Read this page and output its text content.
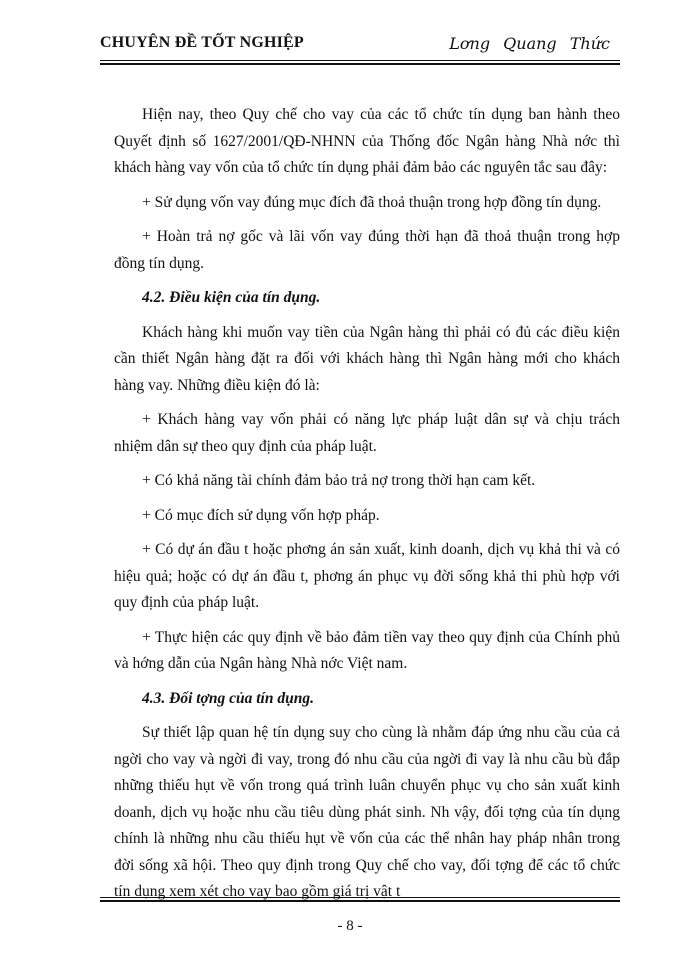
CHUYÊN ĐỀ TỐT NGHIỆP	Lơng Quang Thức

Hiện nay, theo Quy chế cho vay của các tổ chức tín dụng ban hành theo Quyết định số 1627/2001/QĐ-NHNN của Thống đốc Ngân hàng Nhà nớc thì khách hàng vay vốn của tổ chức tín dụng phải đảm bảo các nguyên tắc sau đây:

+ Sử dụng vốn vay đúng mục đích đã thoả thuận trong hợp đồng tín dụng.

+ Hoàn trả nợ gốc và lãi vốn vay đúng thời hạn đã thoả thuận trong hợp đồng tín dụng.

4.2. Điều kiện của tín dụng.

Khách hàng khi muốn vay tiền của Ngân hàng thì phải có đủ các điều kiện cần thiết Ngân hàng đặt ra đối với khách hàng thì Ngân hàng mới cho khách hàng vay. Những điều kiện đó là:

+ Khách hàng vay vốn phải có năng lực pháp luật dân sự và chịu trách nhiệm dân sự theo quy định của pháp luật.

+ Có khả năng tài chính đảm bảo trả nợ trong thời hạn cam kết.

+ Có mục đích sử dụng vốn hợp pháp.

+ Có dự án đầu t hoặc phơng án sản xuất, kinh doanh, dịch vụ khả thi và có hiệu quả; hoặc có dự án đầu t, phơng án phục vụ đời sống khả thi phù hợp với quy định của pháp luật.

+ Thực hiện các quy định về bảo đảm tiền vay theo quy định của Chính phủ và hớng dẫn của Ngân hàng Nhà nớc Việt nam.

4.3. Đối tợng của tín dụng.

Sự thiết lập quan hệ tín dụng suy cho cùng là nhằm đáp ứng nhu cầu của cả ngời cho vay và ngời đi vay, trong đó nhu cầu của ngời đi vay là nhu cầu bù đắp những thiếu hụt về vốn trong quá trình luân chuyển phục vụ cho sản xuất kinh doanh, dịch vụ hoặc nhu cầu tiêu dùng phát sinh. Nh vậy, đối tợng của tín dụng chính là những nhu cầu thiếu hụt về vốn của các thể nhân hay pháp nhân trong đời sống xã hội. Theo quy định trong Quy chế cho vay, đối tợng để các tổ chức tín dụng xem xét cho vay bao gồm giá trị vật t

- 8 -
